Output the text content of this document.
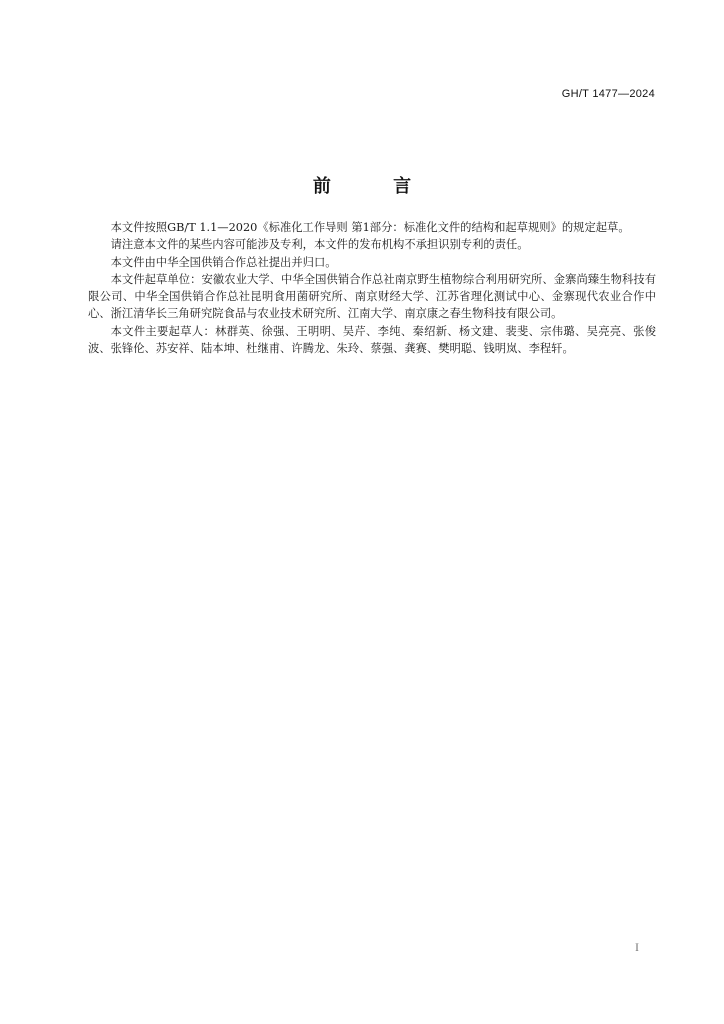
GH/T 1477—2024
前 言

本文件按照GB/T 1.1—2020《标准化工作导则 第1部分：标准化文件的结构和起草规则》的规定起草。

请注意本文件的某些内容可能涉及专利，本文件的发布机构不承担识别专利的责任。

本文件由中华全国供销合作总社提出并归口。

本文件起草单位：安徽农业大学、中华全国供销合作总社南京野生植物综合利用研究所、金寨尚臻生物科技有限公司、中华全国供销合作总社昆明食用菌研究所、南京财经大学、江苏省理化测试中心、金寨现代农业合作中心、浙江清华长三角研究院食品与农业技术研究所、江南大学、南京康之春生物科技有限公司。

本文件主要起草人：林群英、徐强、王明明、吴芹、李纯、秦绍新、杨文建、裴斐、宗伟璐、吴亮亮、张俊波、张锋伦、苏安祥、陆本坤、杜继甫、许腾龙、朱玲、蔡强、龚赛、樊明聪、钱明岚、李程轩。

I
